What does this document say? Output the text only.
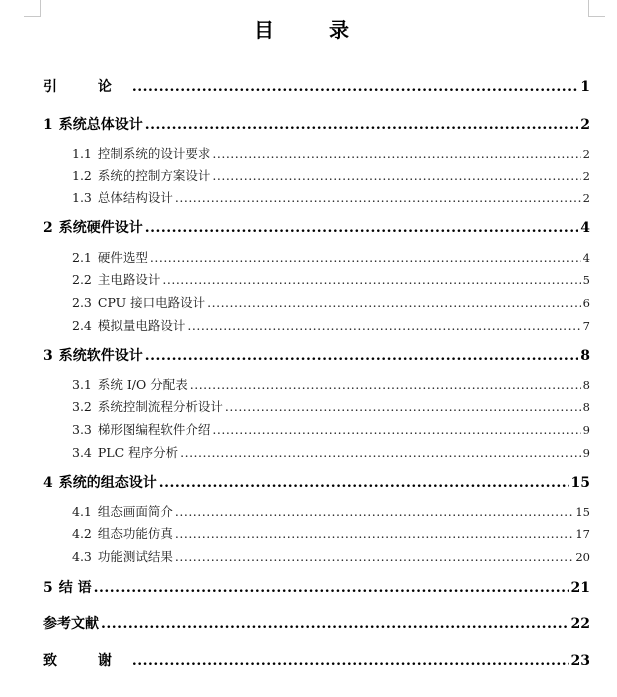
目 录
引 论 .....	1
1 系统总体设计 .....	2
1.1 控制系统的设计要求 .....	2
1.2 系统的控制方案设计 .....	2
1.3 总体结构设计 .....	2
2 系统硬件设计 .....	4
2.1 硬件选型 .....	4
2.2 主电路设计 .....	5
2.3 CPU 接口电路设计 .....	6
2.4 模拟量电路设计 .....	7
3 系统软件设计 .....	8
3.1 系统 I/O 分配表 .....	8
3.2 系统控制流程分析设计 .....	8
3.3 梯形图编程软件介绍 .....	9
3.4 PLC 程序分析 .....	9
4 系统的组态设计 .....	15
4.1 组态画面简介 .....	15
4.2 组态功能仿真 .....	17
4.3 功能测试结果 .....	20
5 结 语 .....	21
参考文献 .....	22
致 谢 .....	23
